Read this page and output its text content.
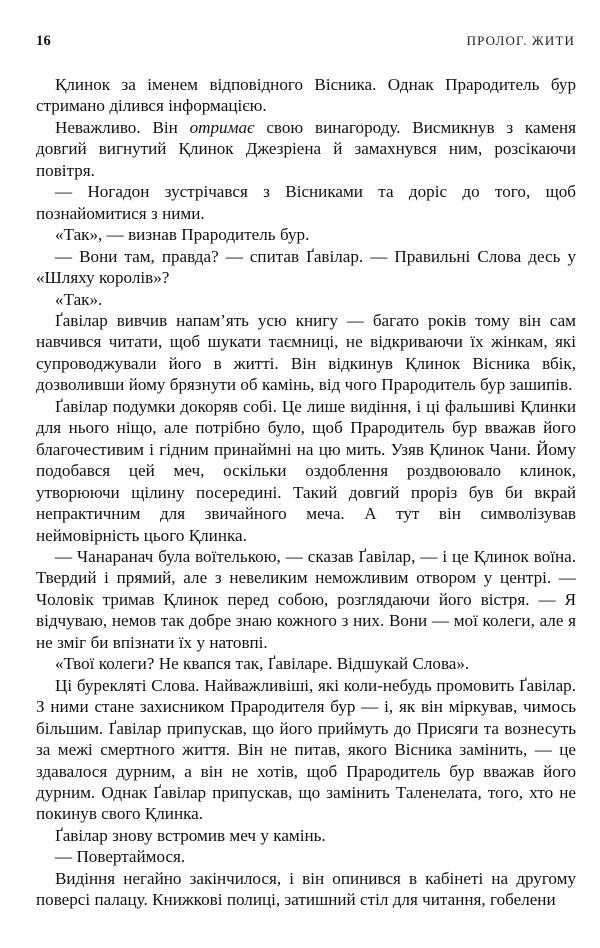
16	ПРОЛОГ. ЖИТИ

Қлинок за іменем відповідного Вісника. Однак Прародитель бур стримано ділився інформацією.

Неважливо. Він отримає свою винагороду. Висмикнув з каменя довгий вигнутий Қлинок Джезріена й замахнувся ним, розсікаючи повітря.

— Ногадон зустрічався з Вісниками та доріс до того, щоб познайомитися з ними.

«Так», — визнав Прародитель бур.

— Вони там, правда? — спитав Ґавілар. — Правильні Слова десь у «Шляху королів»?

«Так».

Ґавілар вивчив напам’ять усю книгу — багато років тому він сам навчився читати, щоб шукати таємниці, не відкриваючи їх жінкам, які супроводжували його в житті. Він відкинув Қлинок Вісника вбік, дозволивши йому брязнути об камінь, від чого Прародитель бур зашипів.

Ґавілар подумки докоряв собі. Це лише видіння, і ці фальшиві Қлинки для нього ніщо, але потрібно було, щоб Прародитель бур вважав його благочестивим і гідним принаймні на цю мить. Узяв Қлинок Чани. Йому подобався цей меч, оскільки оздоблення роздвоювало клинок, утворюючи щілину посередині. Такий довгий проріз був би вкрай непрактичним для звичайного меча. А тут він символізував неймовірність цього Қлинка.

— Чанаранач була воїтелькою, — сказав Ґавілар, — і це Қлинок воїна. Твердий і прямий, але з невеликим неможливим отвором у центрі. — Чоловік тримав Қлинок перед собою, розглядаючи його вістря. — Я відчуваю, немов так добре знаю кожного з них. Вони — мої колеги, але я не зміг би впізнати їх у натовпі.

«Твої колеги? Не квапся так, Ґавіларе. Відшукай Слова».

Ці бурекляті Слова. Найважливіші, які коли-небудь промовить Ґавілар. З ними стане захисником Прародителя бур — і, як він міркував, чимось більшим. Ґавілар припускав, що його приймуть до Присяги та вознесуть за межі смертного життя. Він не питав, якого Вісника замінить, — це здавалося дурним, а він не хотів, щоб Прародитель бур вважав його дурним. Однак Ґавілар припускав, що замінить Таленелата, того, хто не покинув свого Қлинка.

Ґавілар знову встромив меч у камінь.

— Повертаймося.

Видіння негайно закінчилося, і він опинився в кабінеті на другому поверсі палацу. Книжкові полиці, затишний стіл для читання, гобелени
